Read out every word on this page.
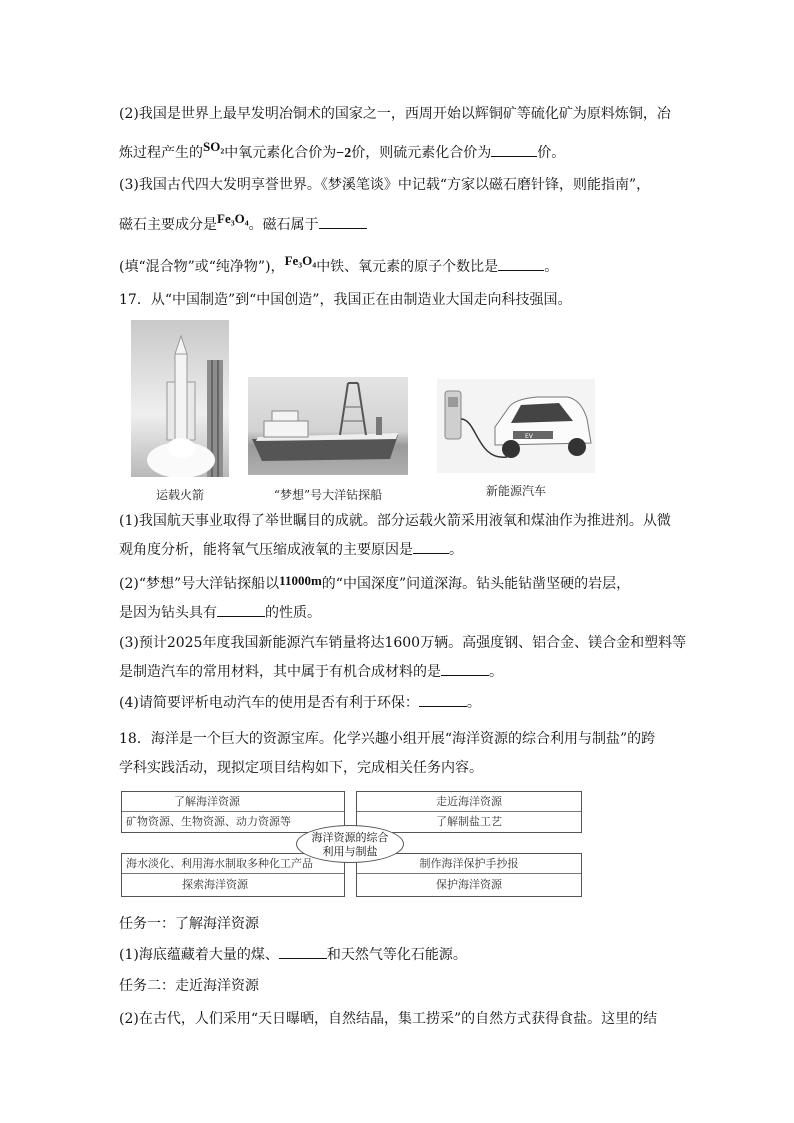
(2)我国是世界上最早发明冶铜术的国家之一，西周开始以辉铜矿等硫化矿为原料炼铜，冶
炼过程产生的SO₂中氧元素化合价为−2价，则硫元素化合价为	价。
(3)我国古代四大发明享誉世界。《梦溪笔谈》中记载“方家以磁石磨针锋，则能指南”，
磁石主要成分是Fe₃O₄。磁石属于
(填“混合物”或“纯净物”)，Fe₃O₄中铁、氧元素的原子个数比是	。
17．从“中国制造”到“中国创造”，我国正在由制造业大国走向科技强国。
EV
运载火箭	“梦想”号大洋钻探船	新能源汽车
(1)我国航天事业取得了举世瞩目的成就。部分运载火箭采用液氧和煤油作为推进剂。从微
观角度分析，能将氧气压缩成液氧的主要原因是	。
(2)“梦想”号大洋钻探船以11000m的“中国深度”问道深海。钻头能钻凿坚硬的岩层，
是因为钻头具有	的性质。
(3)预计2025年度我国新能源汽车销量将达1600万辆。高强度钢、铝合金、镁合金和塑料等
是制造汽车的常用材料，其中属于有机合成材料的是	。
(4)请简要评析电动汽车的使用是否有利于环保：	。
18．海洋是一个巨大的资源宝库。化学兴趣小组开展“海洋资源的综合利用与制盐”的跨
学科实践活动，现拟定项目结构如下，完成相关任务内容。
了解海洋资源
矿物资源、生物资源、动力资源等
走近海洋资源
了解制盐工艺
海水淡化、利用海水制取多种化工产品
探索海洋资源
制作海洋保护手抄报
保护海洋资源
海洋资源的综合
利用与制盐
任务一：了解海洋资源
(1)海底蕴藏着大量的煤、	和天然气等化石能源。
任务二：走近海洋资源
(2)在古代，人们采用“天日曝晒，自然结晶，集工捞采”的自然方式获得食盐。这里的结
